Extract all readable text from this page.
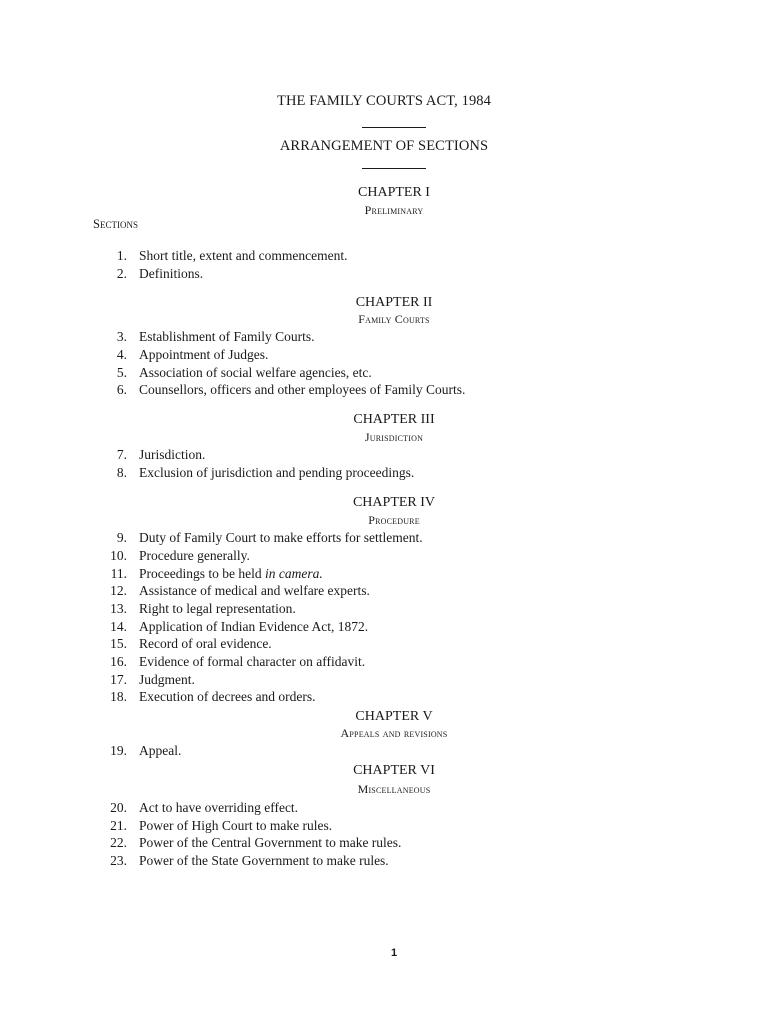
THE FAMILY COURTS ACT, 1984
ARRANGEMENT OF SECTIONS
CHAPTER I
Preliminary
Sections
1. Short title, extent and commencement.
2. Definitions.
CHAPTER II
Family Courts
3. Establishment of Family Courts.
4. Appointment of Judges.
5. Association of social welfare agencies, etc.
6. Counsellors, officers and other employees of Family Courts.
CHAPTER III
Jurisdiction
7. Jurisdiction.
8. Exclusion of jurisdiction and pending proceedings.
CHAPTER IV
Procedure
9. Duty of Family Court to make efforts for settlement.
10. Procedure generally.
11. Proceedings to be held in camera.
12. Assistance of medical and welfare experts.
13. Right to legal representation.
14. Application of Indian Evidence Act, 1872.
15. Record of oral evidence.
16. Evidence of formal character on affidavit.
17. Judgment.
18. Execution of decrees and orders.
CHAPTER V
Appeals and revisions
19. Appeal.
CHAPTER VI
Miscellaneous
20. Act to have overriding effect.
21. Power of High Court to make rules.
22. Power of the Central Government to make rules.
23. Power of the State Government to make rules.
1
